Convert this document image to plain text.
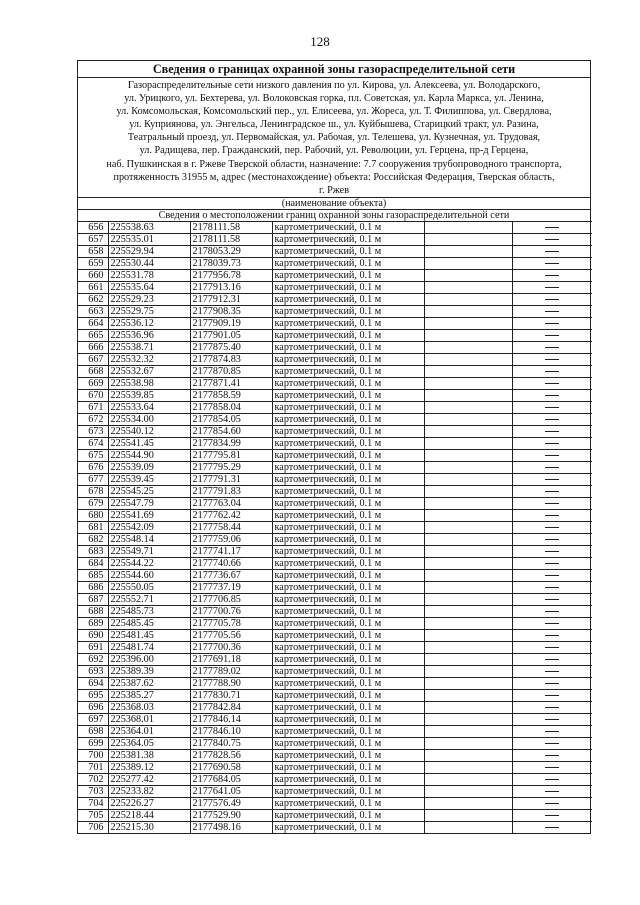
128
Сведения о границах охранной зоны газораспределительной сети
Газораспределительные сети низкого давления по ул. Кирова, ул. Алексеева, ул. Володарского,
ул. Урицкого, ул. Бехтерева, ул. Волоковская горка, пл. Советская, ул. Карла Маркса, ул. Ленина,
ул. Комсомольская, Комсомольский пер., ул. Елисеева, ул. Жореса, ул. Т. Филиппова, ул. Свердлова,
ул. Куприянова, ул. Энгельса, Ленинградское ш., ул. Куйбышева, Старицкий тракт, ул. Разина,
Театральный проезд, ул. Первомайская, ул. Рабочая, ул. Телешева, ул. Кузнечная, ул. Трудовая,
ул. Радищева, пер. Гражданский, пер. Рабочий, ул. Революции, ул. Герцена, пр-д Герцена,
наб. Пушкинская в г. Ржеве Тверской области, назначение: 7.7 сооружения трубопроводного транспорта,
протяженность 31955 м, адрес (местонахождение) объекта: Российская Федерация, Тверская область,
г. Ржев
(наименование объекта)
Сведения о местоположении границ охранной зоны газораспределительной сети
656	225538.63	2178111.58	картометрический, 0.1 м		
657	225535.01	2178111.58	картометрический, 0.1 м		
658	225529.94	2178053.29	картометрический, 0.1 м		
659	225530.44	2178039.73	картометрический, 0.1 м		
660	225531.78	2177956.78	картометрический, 0.1 м		
661	225535.64	2177913.16	картометрический, 0.1 м		
662	225529.23	2177912.31	картометрический, 0.1 м		
663	225529.75	2177908.35	картометрический, 0.1 м		
664	225536.12	2177909.19	картометрический, 0.1 м		
665	225536.96	2177901.05	картометрический, 0.1 м		
666	225538.71	2177875.40	картометрический, 0.1 м		
667	225532.32	2177874.83	картометрический, 0.1 м		
668	225532.67	2177870.85	картометрический, 0.1 м		
669	225538.98	2177871.41	картометрический, 0.1 м		
670	225539.85	2177858.59	картометрический, 0.1 м		
671	225533.64	2177858.04	картометрический, 0.1 м		
672	225534.00	2177854.05	картометрический, 0.1 м		
673	225540.12	2177854.60	картометрический, 0.1 м		
674	225541.45	2177834.99	картометрический, 0.1 м		
675	225544.90	2177795.81	картометрический, 0.1 м		
676	225539.09	2177795.29	картометрический, 0.1 м		
677	225539.45	2177791.31	картометрический, 0.1 м		
678	225545.25	2177791.83	картометрический, 0.1 м		
679	225547.79	2177763.04	картометрический, 0.1 м		
680	225541.69	2177762.42	картометрический, 0.1 м		
681	225542.09	2177758.44	картометрический, 0.1 м		
682	225548.14	2177759.06	картометрический, 0.1 м		
683	225549.71	2177741.17	картометрический, 0.1 м		
684	225544.22	2177740.66	картометрический, 0.1 м		
685	225544.60	2177736.67	картометрический, 0.1 м		
686	225550.05	2177737.19	картометрический, 0.1 м		
687	225552.71	2177706.85	картометрический, 0.1 м		
688	225485.73	2177700.76	картометрический, 0.1 м		
689	225485.45	2177705.78	картометрический, 0.1 м		
690	225481.45	2177705.56	картометрический, 0.1 м		
691	225481.74	2177700.36	картометрический, 0.1 м		
692	225396.00	2177691.18	картометрический, 0.1 м		
693	225389.39	2177789.02	картометрический, 0.1 м		
694	225387.62	2177788.90	картометрический, 0.1 м		
695	225385.27	2177830.71	картометрический, 0.1 м		
696	225368.03	2177842.84	картометрический, 0.1 м		
697	225368.01	2177846.14	картометрический, 0.1 м		
698	225364.01	2177846.10	картометрический, 0.1 м		
699	225364.05	2177840.75	картометрический, 0.1 м		
700	225381.38	2177828.56	картометрический, 0.1 м		
701	225389.12	2177690.58	картометрический, 0.1 м		
702	225277.42	2177684.05	картометрический, 0.1 м		
703	225233.82	2177641.05	картометрический, 0.1 м		
704	225226.27	2177576.49	картометрический, 0.1 м		
705	225218.44	2177529.90	картометрический, 0.1 м		
706	225215.30	2177498.16	картометрический, 0.1 м		
